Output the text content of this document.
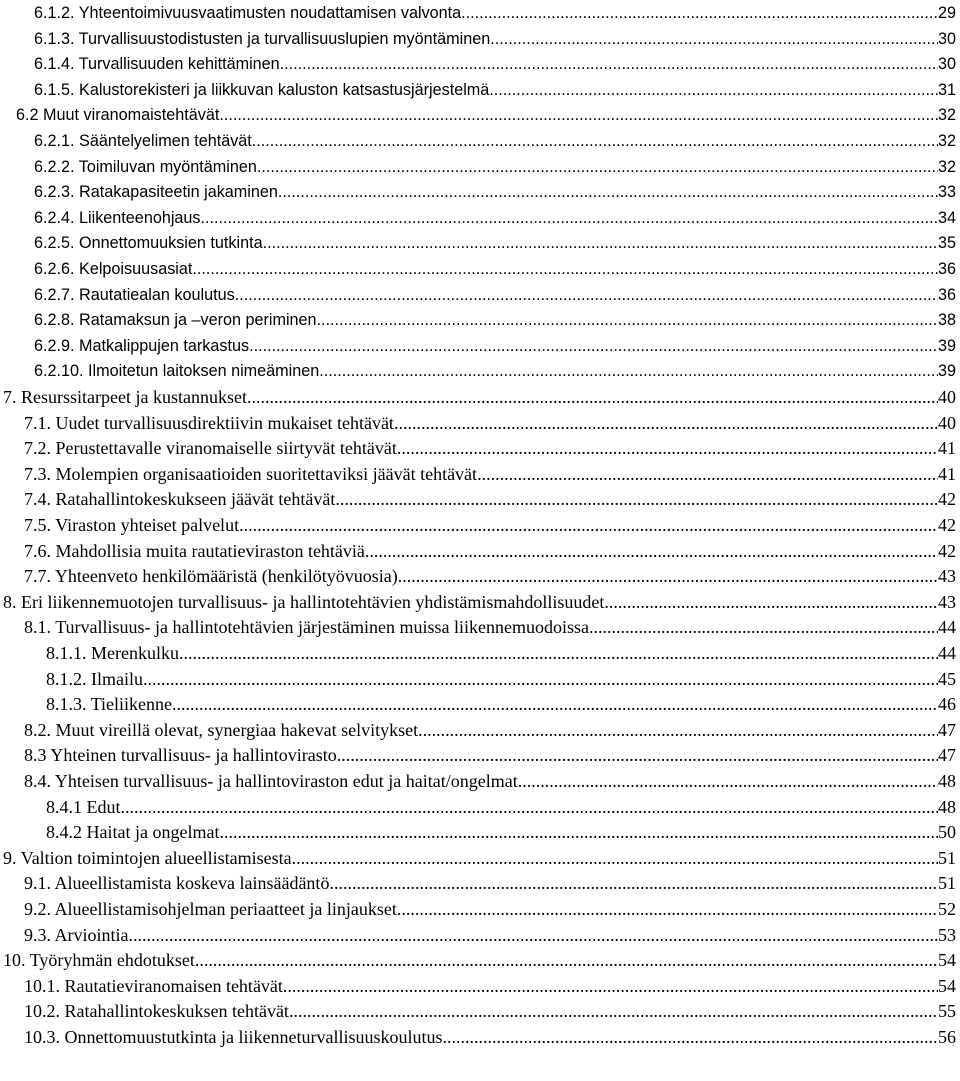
6.1.2. Yhteentoimivuusvaatimusten noudattamisen valvonta .....	29
6.1.3. Turvallisuustodistusten ja turvallisuuslupien myöntäminen .....	30
6.1.4. Turvallisuuden kehittäminen .....	30
6.1.5. Kalustorekisteri ja liikkuvan kaluston katsastusjärjestelmä .....	31
6.2 Muut viranomaistehtävät .....	32
6.2.1. Sääntelyelimen tehtävät .....	32
6.2.2. Toimiluvan myöntäminen .....	32
6.2.3. Ratakapasiteetin jakaminen .....	33
6.2.4. Liikenteenohjaus .....	34
6.2.5. Onnettomuuksien tutkinta .....	35
6.2.6. Kelpoisuusasiat .....	36
6.2.7. Rautatiealan koulutus .....	36
6.2.8. Ratamaksun ja –veron periminen .....	38
6.2.9. Matkalippujen tarkastus .....	39
6.2.10. Ilmoitetun laitoksen nimeäminen .....	39
7. Resurssitarpeet ja kustannukset .....	40
7.1. Uudet turvallisuusdirektiivin mukaiset tehtävät .....	40
7.2. Perustettavalle viranomaiselle siirtyvät tehtävät .....	41
7.3. Molempien organisaatioiden suoritettaviksi jäävät tehtävät .....	41
7.4. Ratahallintokeskukseen jäävät tehtävät .....	42
7.5. Viraston yhteiset palvelut .....	42
7.6. Mahdollisia muita rautatieviraston tehtäviä .....	42
7.7. Yhteenveto henkilömääristä (henkilötyövuosia) .....	43
8. Eri liikennemuotojen turvallisuus- ja hallintotehtävien yhdistämismahdollisuudet .....	43
8.1. Turvallisuus- ja hallintotehtävien järjestäminen muissa liikennemuodoissa .....	44
8.1.1. Merenkulku .....	44
8.1.2. Ilmailu .....	45
8.1.3. Tieliikenne .....	46
8.2. Muut vireillä olevat, synergiaa hakevat selvitykset .....	47
8.3 Yhteinen turvallisuus- ja hallintovirasto .....	47
8.4. Yhteisen turvallisuus- ja hallintoviraston edut ja haitat/ongelmat .....	48
8.4.1 Edut .....	48
8.4.2 Haitat ja ongelmat .....	50
9. Valtion toimintojen alueellistamisesta .....	51
9.1. Alueellistamista koskeva lainsäädäntö .....	51
9.2. Alueellistamisohjelman periaatteet ja linjaukset .....	52
9.3. Arviointia .....	53
10. Työryhmän ehdotukset .....	54
10.1. Rautatieviranomaisen tehtävät .....	54
10.2. Ratahallintokeskuksen tehtävät .....	55
10.3. Onnettomuustutkinta ja liikenneturvallisuuskoulutus .....	56
